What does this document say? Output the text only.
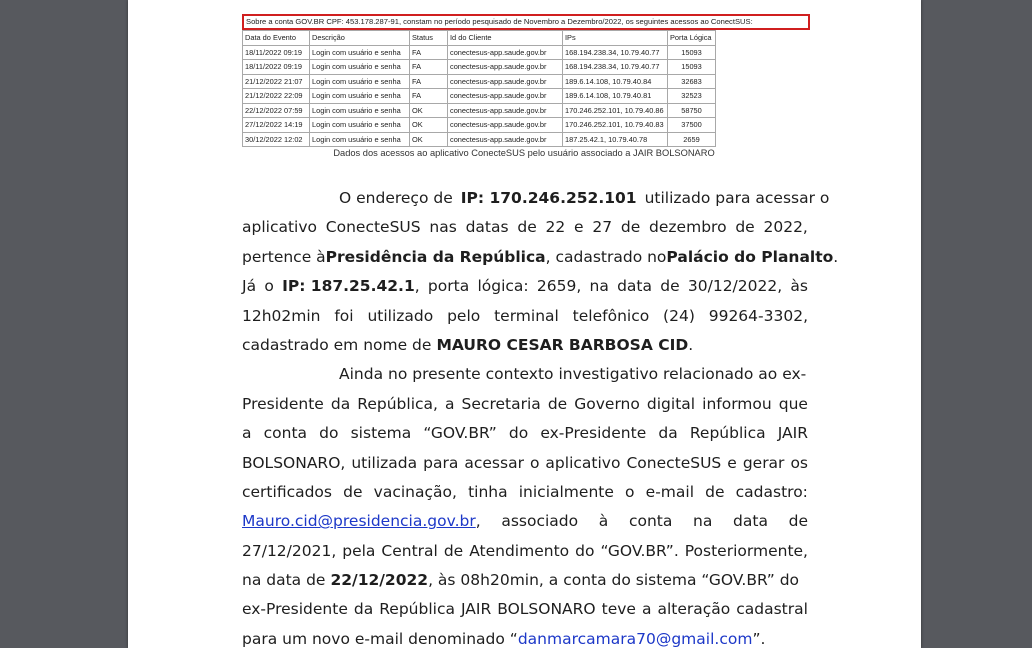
Sobre a conta GOV.BR CPF: 453.178.287-91, constam no período pesquisado de Novembro a Dezembro/2022, os seguintes acessos ao ConectSUS:
Data do Evento	Descrição	Status	Id do Cliente	IPs	Porta Lógica
18/11/2022 09:19	Login com usuário e senha	FA	conectesus-app.saude.gov.br	168.194.238.34, 10.79.40.77	15093
18/11/2022 09:19	Login com usuário e senha	FA	conectesus-app.saude.gov.br	168.194.238.34, 10.79.40.77	15093
21/12/2022 21:07	Login com usuário e senha	FA	conectesus-app.saude.gov.br	189.6.14.108, 10.79.40.84	32683
21/12/2022 22:09	Login com usuário e senha	FA	conectesus-app.saude.gov.br	189.6.14.108, 10.79.40.81	32523
22/12/2022 07:59	Login com usuário e senha	OK	conectesus-app.saude.gov.br	170.246.252.101, 10.79.40.86	58750
27/12/2022 14:19	Login com usuário e senha	OK	conectesus-app.saude.gov.br	170.246.252.101, 10.79.40.83	37500
30/12/2022 12:02	Login com usuário e senha	OK	conectesus-app.saude.gov.br	187.25.42.1, 10.79.40.78	2659
Dados dos acessos ao aplicativo ConecteSUS pelo usuário associado a JAIR BOLSONARO
O endereço de IP: 170.246.252.101 utilizado para acessar o
aplicativo ConecteSUS nas datas de 22 e 27 de dezembro de 2022,
pertence à Presidência da República , cadastrado no Palácio do Planalto .
Já o IP: 187.25.42.1, porta lógica: 2659, na data de 30/12/2022, às
12h02min foi utilizado pelo terminal telefônico (24) 99264-3302,
cadastrado em nome de MAURO CESAR BARBOSA CID .
Ainda no presente contexto investigativo relacionado ao ex-
Presidente da República, a Secretaria de Governo digital informou que
a conta do sistema “GOV.BR” do ex-Presidente da República JAIR
BOLSONARO, utilizada para acessar o aplicativo ConecteSUS e gerar os
certificados de vacinação, tinha inicialmente o e-mail de cadastro:
Mauro.cid@presidencia.gov.br, associado à conta na data de
27/12/2021, pela Central de Atendimento do “GOV.BR”. Posteriormente,
na data de 22/12/2022 , às 08h20min, a conta do sistema “GOV.BR” do
ex-Presidente da República JAIR BOLSONARO teve a alteração cadastral
para um novo e-mail denominado “ danmarcamara70@gmail.com ”.
